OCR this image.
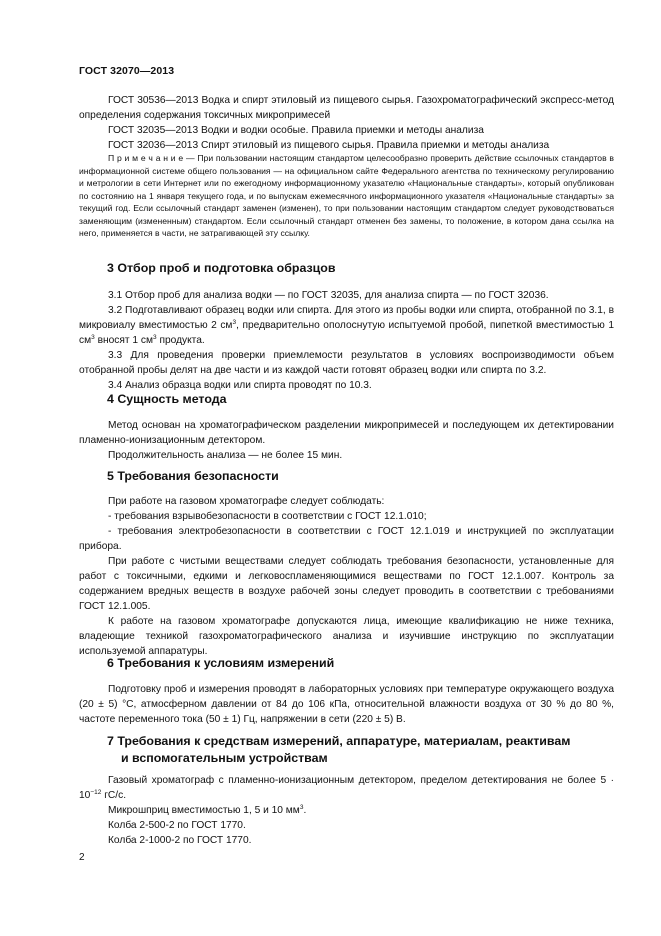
ГОСТ 32070—2013

ГОСТ 30536—2013 Водка и спирт этиловый из пищевого сырья. Газохроматографический экспресс-метод определения содержания токсичных микропримесей

ГОСТ 32035—2013 Водки и водки особые. Правила приемки и методы анализа

ГОСТ 32036—2013 Спирт этиловый из пищевого сырья. Правила приемки и методы анализа

П р и м е ч а н и е — При пользовании настоящим стандартом целесообразно проверить действие ссылочных стандартов в информационной системе общего пользования — на официальном сайте Федерального агентства по техническому регулированию и метрологии в сети Интернет или по ежегодному информационному указателю «Национальные стандарты», который опубликован по состоянию на 1 января текущего года, и по выпускам ежемесячного информационного указателя «Национальные стандарты» за текущий год. Если ссылочный стандарт заменен (изменен), то при пользовании настоящим стандартом следует руководствоваться заменяющим (измененным) стандартом. Если ссылочный стандарт отменен без замены, то положение, в котором дана ссылка на него, применяется в части, не затрагивающей эту ссылку.

3 Отбор проб и подготовка образцов

3.1 Отбор проб для анализа водки — по ГОСТ 32035, для анализа спирта — по ГОСТ 32036.

3.2 Подготавливают образец водки или спирта. Для этого из пробы водки или спирта, отобранной по 3.1, в микровиалу вместимостью 2 $см^3$, предварительно ополоснутую испытуемой пробой, пипеткой вместимостью 1 $см^3$ вносят 1 $см^3$ продукта.

3.3 Для проведения проверки приемлемости результатов в условиях воспроизводимости объем отобранной пробы делят на две части и из каждой части готовят образец водки или спирта по 3.2.

3.4 Анализ образца водки или спирта проводят по 10.3.

4 Сущность метода

Метод основан на хроматографическом разделении микропримесей и последующем их детектировании пламенно-ионизационным детектором.

Продолжительность анализа — не более 15 мин.

5 Требования безопасности

При работе на газовом хроматографе следует соблюдать:

- требования взрывобезопасности в соответствии с ГОСТ 12.1.010;

- требования электробезопасности в соответствии с ГОСТ 12.1.019 и инструкцией по эксплуатации прибора.

При работе с чистыми веществами следует соблюдать требования безопасности, установленные для работ с токсичными, едкими и легковоспламеняющимися веществами по ГОСТ 12.1.007. Контроль за содержанием вредных веществ в воздухе рабочей зоны следует проводить в соответствии с требованиями ГОСТ 12.1.005.

К работе на газовом хроматографе допускаются лица, имеющие квалификацию не ниже техника, владеющие техникой газохроматографического анализа и изучившие инструкцию по эксплуатации используемой аппаратуры.

6 Требования к условиям измерений

Подготовку проб и измерения проводят в лабораторных условиях при температуре окружающего воздуха (20 ± 5) °С, атмосферном давлении от 84 до 106 кПа, относительной влажности воздуха от 30 % до 80 %, частоте переменного тока (50 ± 1) Гц, напряжении в сети (220 ± 5) В.

7 Требования к средствам измерений, аппаратуре, материалам, реактивам
и вспомогательным устройствам

Газовый хроматограф с пламенно-ионизационным детектором, пределом детектирования не более $5 \cdot 10^{-12}$ гС/с.

Микрошприц вместимостью 1, 5 и 10 $мм^3$.

Колба 2-500-2 по ГОСТ 1770.

Колба 2-1000-2 по ГОСТ 1770.

2
